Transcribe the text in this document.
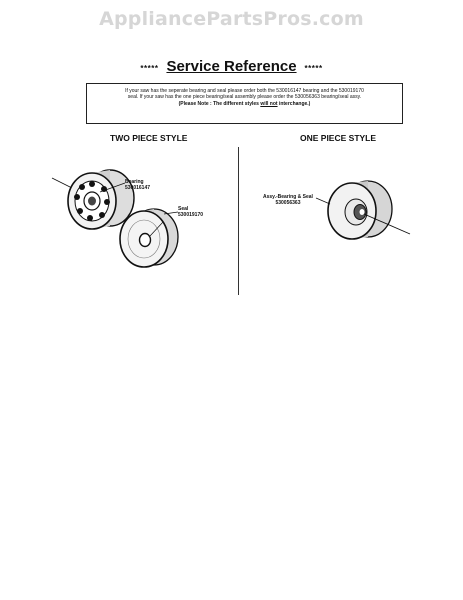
AppliancePartsPros.com
***** Service Reference *****
If your saw has the seperate bearing and seal please order both the 530016147 bearing and the 530019170
seal. If your saw has the one piece bearing/seal assembly please order the 530056363 bearing/seal assy.
(Please Note : The different styles will not interchange.)
TWO PIECE STYLE	ONE PIECE STYLE
Bearing
530016147
Seal
530019170
Assy.-Bearing & Seal
530056363
